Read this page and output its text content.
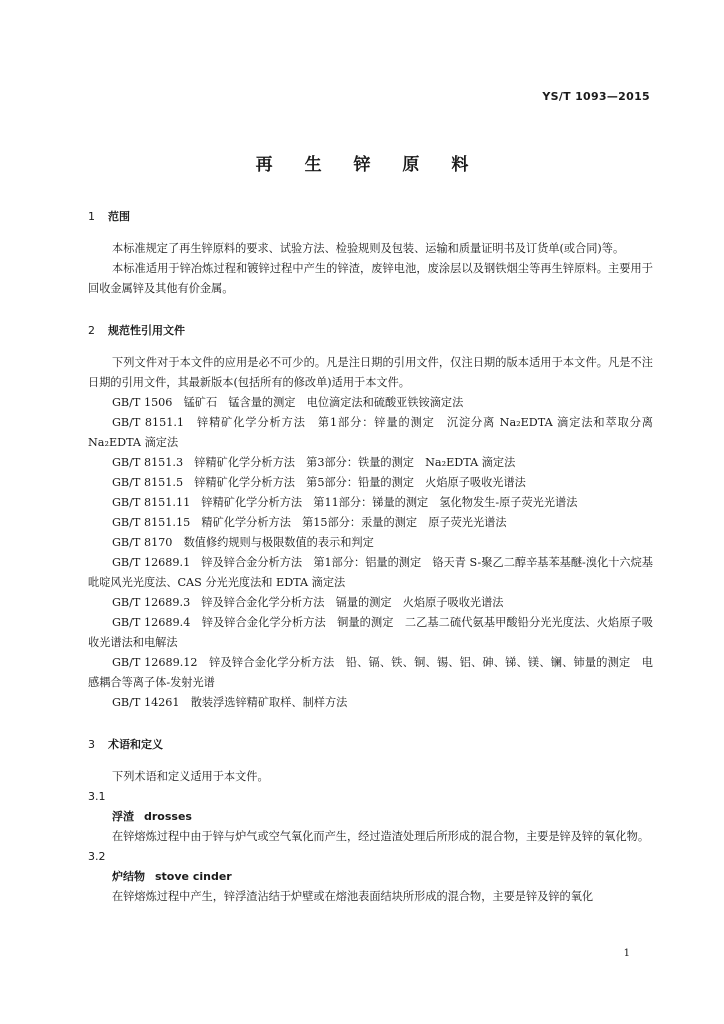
YS/T 1093—2015
再 生 锌 原 料

1 范围

本标准规定了再生锌原料的要求、试验方法、检验规则及包装、运输和质量证明书及订货单(或合同)等。

本标准适用于锌冶炼过程和镀锌过程中产生的锌渣，废锌电池，废涂层以及钢铁烟尘等再生锌原料。主要用于回收金属锌及其他有价金属。

2 规范性引用文件

下列文件对于本文件的应用是必不可少的。凡是注日期的引用文件，仅注日期的版本适用于本文件。凡是不注日期的引用文件，其最新版本(包括所有的修改单)适用于本文件。

GB/T 1506　锰矿石　锰含量的测定　电位滴定法和硫酸亚铁铵滴定法

GB/T 8151.1　锌精矿化学分析方法　第1部分：锌量的测定　沉淀分离 Na₂EDTA 滴定法和萃取分离 Na₂EDTA 滴定法

GB/T 8151.3　锌精矿化学分析方法　第3部分：铁量的测定　Na₂EDTA 滴定法

GB/T 8151.5　锌精矿化学分析方法　第5部分：铅量的测定　火焰原子吸收光谱法

GB/T 8151.11　锌精矿化学分析方法　第11部分：锑量的测定　氢化物发生-原子荧光光谱法

GB/T 8151.15　精矿化学分析方法　第15部分：汞量的测定　原子荧光光谱法

GB/T 8170　数值修约规则与极限数值的表示和判定

GB/T 12689.1　锌及锌合金分析方法　第1部分：铝量的测定　铬天青 S-聚乙二醇辛基苯基醚-溴化十六烷基吡啶风光光度法、CAS 分光光度法和 EDTA 滴定法

GB/T 12689.3　锌及锌合金化学分析方法　镉量的测定　火焰原子吸收光谱法

GB/T 12689.4　锌及锌合金化学分析方法　铜量的测定　二乙基二硫代氨基甲酸铅分光光度法、火焰原子吸收光谱法和电解法

GB/T 12689.12　锌及锌合金化学分析方法　铅、镉、铁、铜、锡、铝、砷、锑、镁、镧、铈量的测定　电感耦合等离子体-发射光谱

GB/T 14261　散装浮选锌精矿取样、制样方法

3 术语和定义

下列术语和定义适用于本文件。

3.1

浮渣 drosses

在锌熔炼过程中由于锌与炉气或空气氧化而产生，经过造渣处理后所形成的混合物，主要是锌及锌的氧化物。

3.2

炉结物 stove cinder

在锌熔炼过程中产生，锌浮渣沾结于炉壁或在熔池表面结块所形成的混合物，主要是锌及锌的氧化

1
